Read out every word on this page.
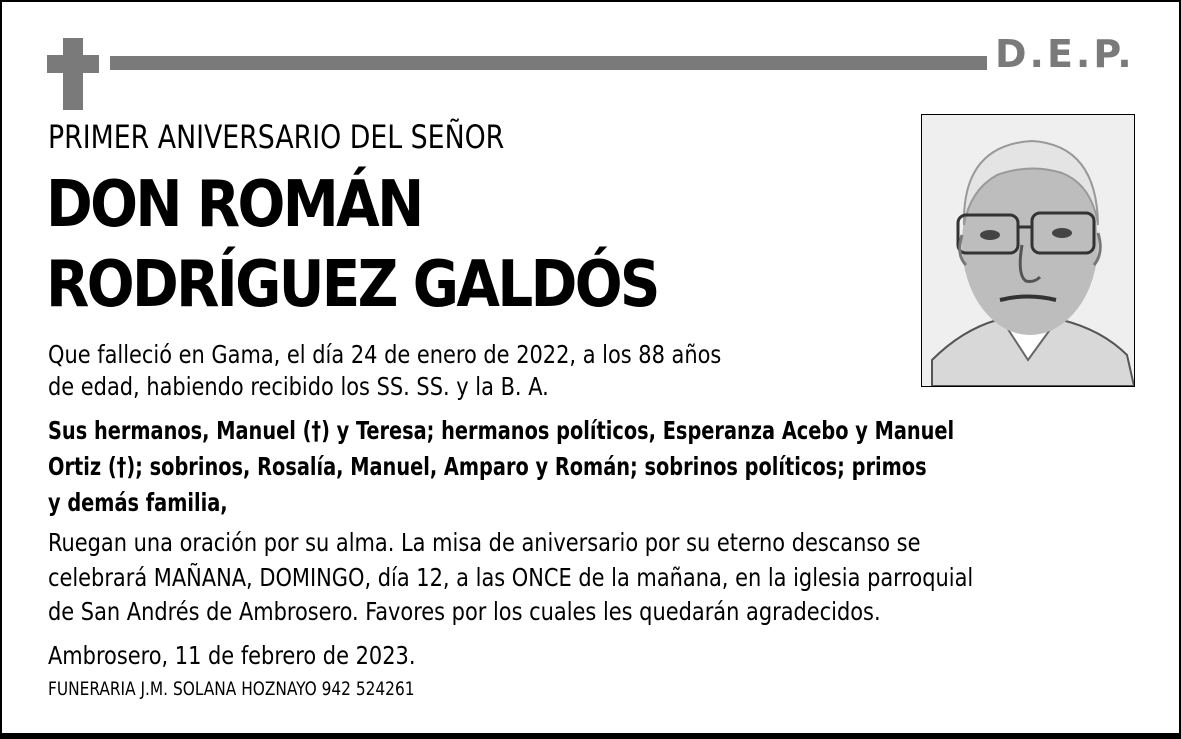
D.E.P.
PRIMER ANIVERSARIO DEL SEÑOR
DON ROMÁN
RODRÍGUEZ GALDÓS
Que falleció en Gama, el día 24 de enero de 2022, a los 88 años
de edad, habiendo recibido los SS. SS. y la B. A.
Sus hermanos, Manuel (†) y Teresa; hermanos políticos, Esperanza Acebo y Manuel
Ortiz (†); sobrinos, Rosalía, Manuel, Amparo y Román; sobrinos políticos; primos
y demás familia,
Ruegan una oración por su alma. La misa de aniversario por su eterno descanso se
celebrará MAÑANA, DOMINGO, día 12, a las ONCE de la mañana, en la iglesia parroquial
de San Andrés de Ambrosero. Favores por los cuales les quedarán agradecidos.
Ambrosero, 11 de febrero de 2023.
FUNERARIA J.M. SOLANA HOZNAYO 942 524261
